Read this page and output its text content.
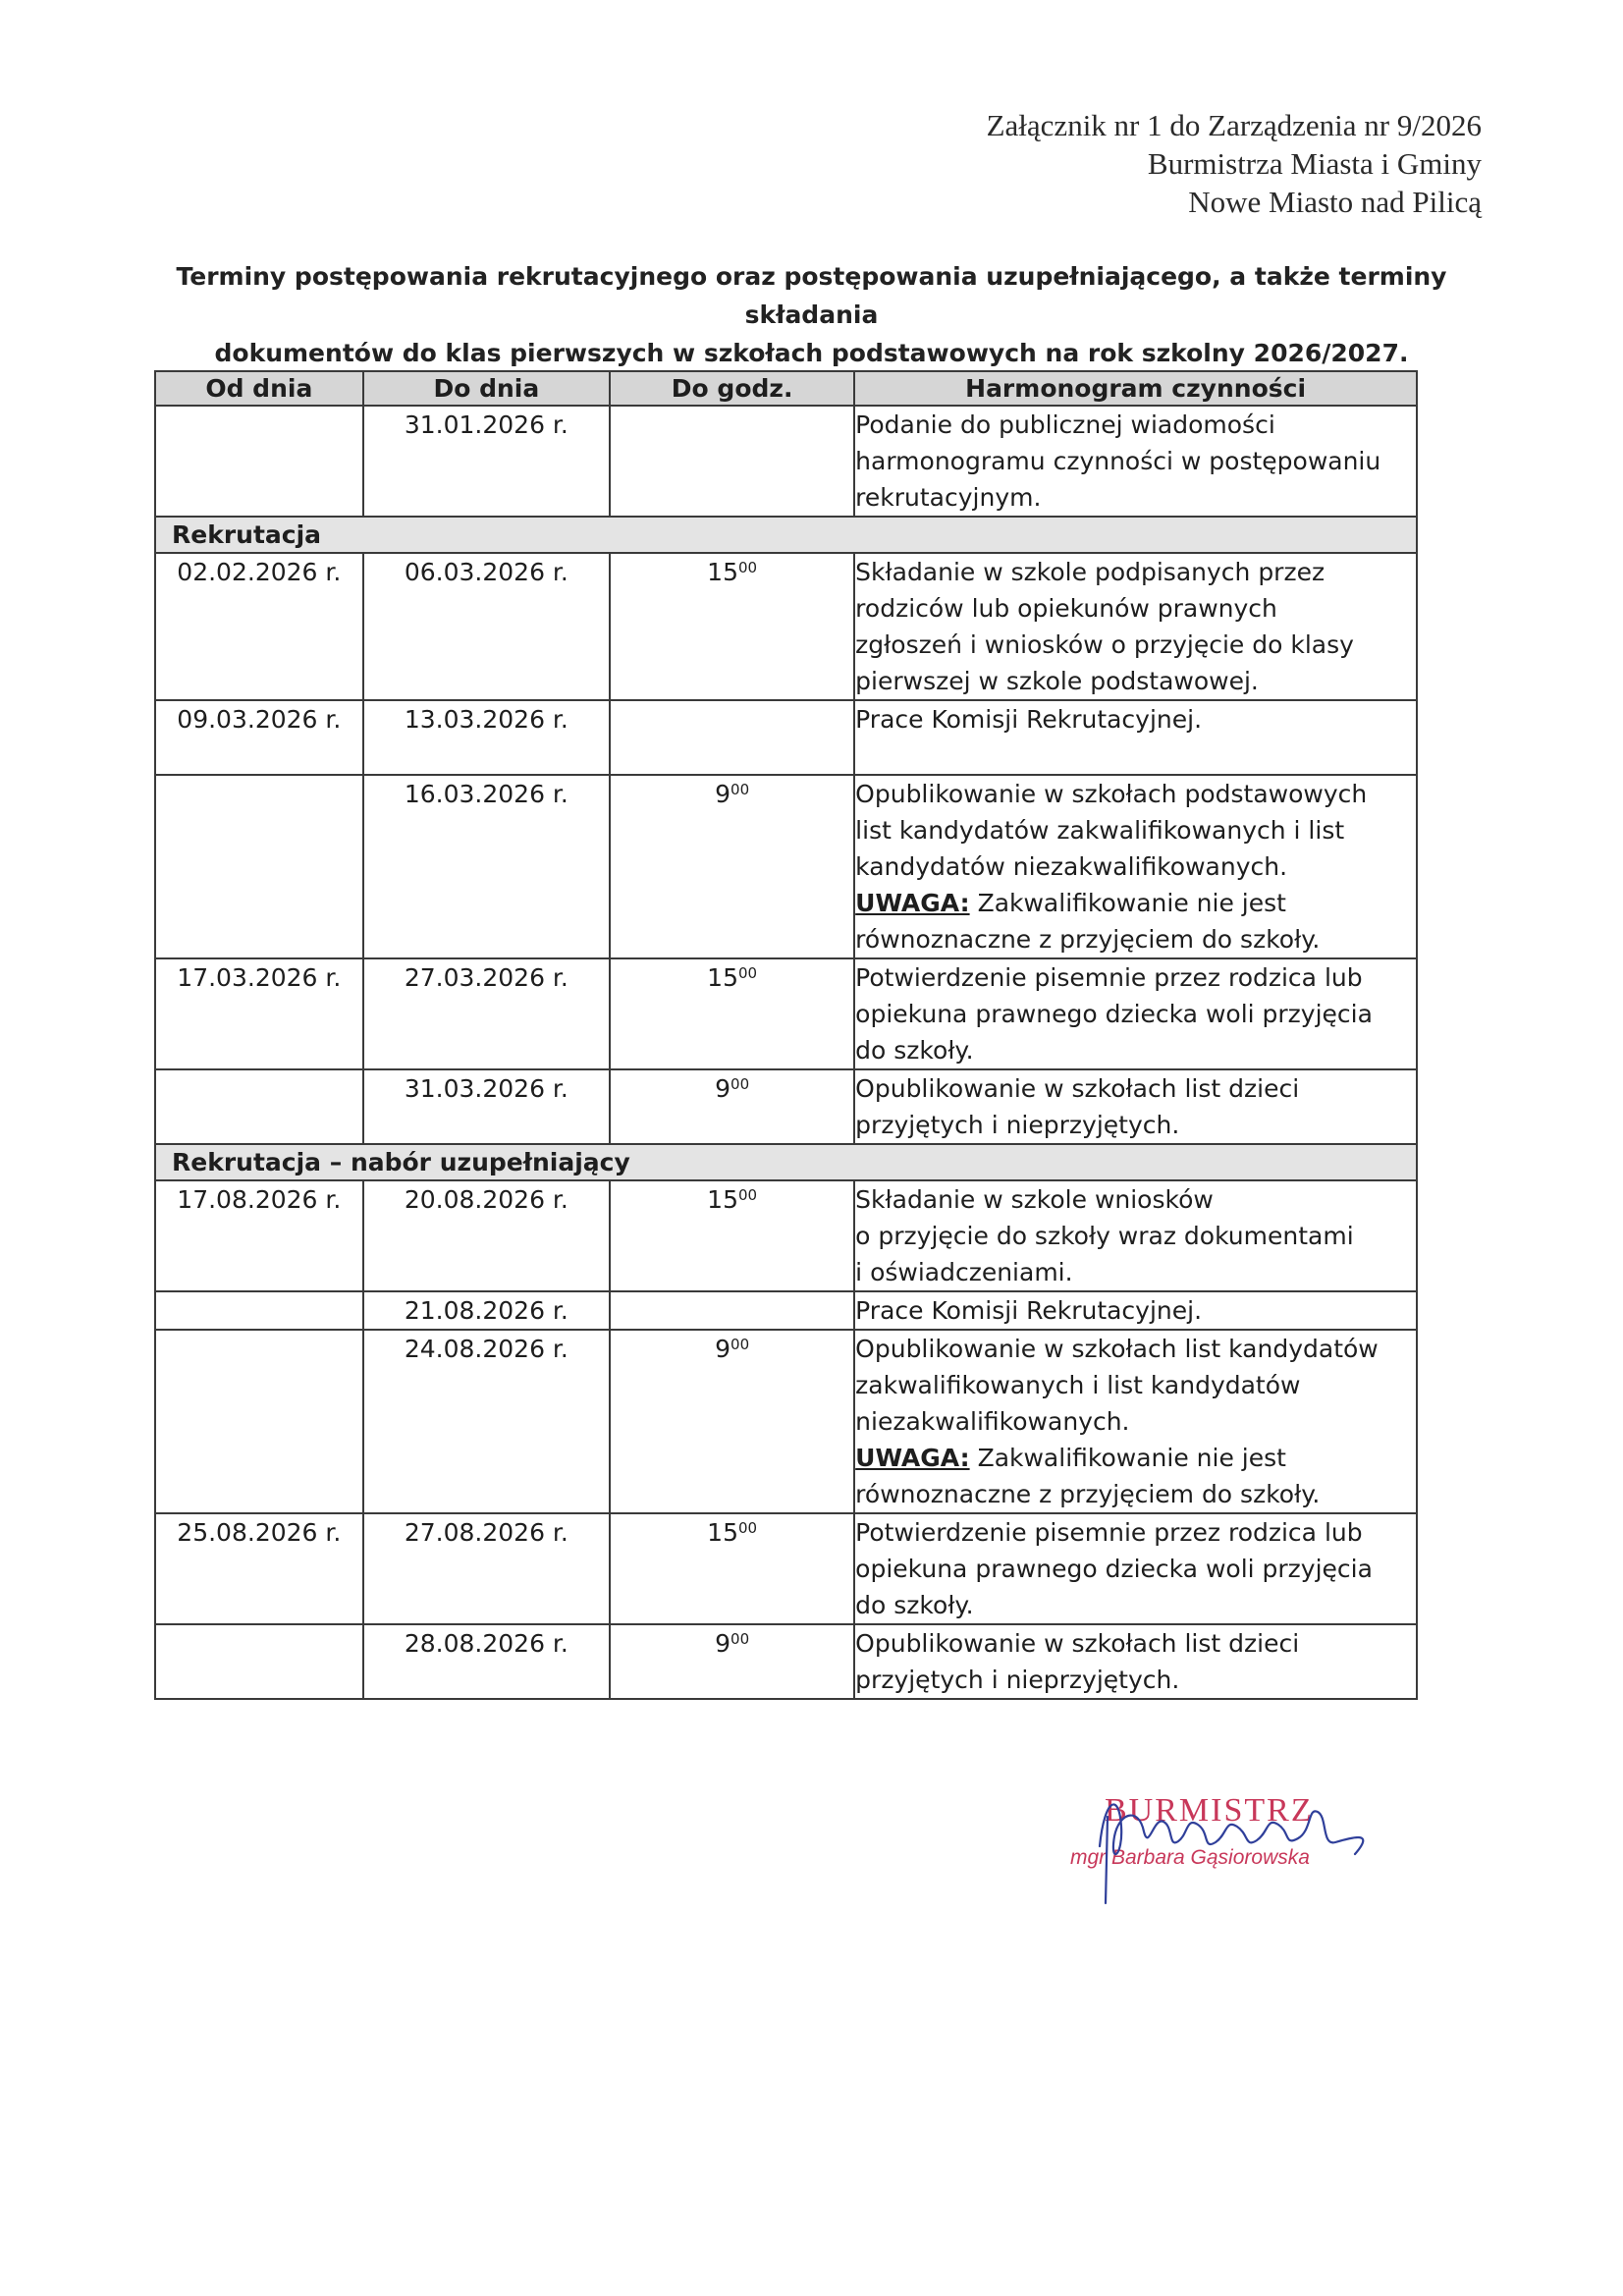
Załącznik nr 1 do Zarządzenia nr 9/2026
Burmistrza Miasta i Gminy
Nowe Miasto nad Pilicą
Terminy postępowania rekrutacyjnego oraz postępowania uzupełniającego, a także terminy składania
dokumentów do klas pierwszych w szkołach podstawowych na rok szkolny 2026/2027.
Od dnia	Do dnia	Do godz.	Harmonogram czynności
	31.01.2026 r.		Podanie do publicznej wiadomości
harmonogramu czynności w postępowaniu
rekrutacyjnym.

Rekrutacja			
02.02.2026 r.	06.03.2026 r.	$15^{00}$	Składanie w szkole podpisanych przez
rodziców lub opiekunów prawnych
zgłoszeń i wniosków o przyjęcie do klasy
pierwszej w szkole podstawowej.

09.03.2026 r.	13.03.2026 r.		Prace Komisji Rekrutacyjnej.

	16.03.2026 r.	$9^{00}$	Opublikowanie w szkołach podstawowych
list kandydatów zakwalifikowanych i list
kandydatów niezakwalifikowanych.
UWAGA: Zakwalifikowanie nie jest
równoznaczne z przyjęciem do szkoły.

17.03.2026 r.	27.03.2026 r.	$15^{00}$	Potwierdzenie pisemnie przez rodzica lub
opiekuna prawnego dziecka woli przyjęcia
do szkoły.

	31.03.2026 r.	$9^{00}$	Opublikowanie w szkołach list dzieci
przyjętych i nieprzyjętych.

Rekrutacja – nabór uzupełniający			
17.08.2026 r.	20.08.2026 r.	$15^{00}$	Składanie w szkole wniosków
o przyjęcie do szkoły wraz dokumentami
i oświadczeniami.

	21.08.2026 r.		Prace Komisji Rekrutacyjnej.

	24.08.2026 r.	$9^{00}$	Opublikowanie w szkołach list kandydatów
zakwalifikowanych i list kandydatów
niezakwalifikowanych.
UWAGA: Zakwalifikowanie nie jest
równoznaczne z przyjęciem do szkoły.

25.08.2026 r.	27.08.2026 r.	$15^{00}$	Potwierdzenie pisemnie przez rodzica lub
opiekuna prawnego dziecka woli przyjęcia
do szkoły.

	28.08.2026 r.	$9^{00}$	Opublikowanie w szkołach list dzieci
przyjętych i nieprzyjętych.
BURMISTRZ
mgr Barbara Gąsiorowska
